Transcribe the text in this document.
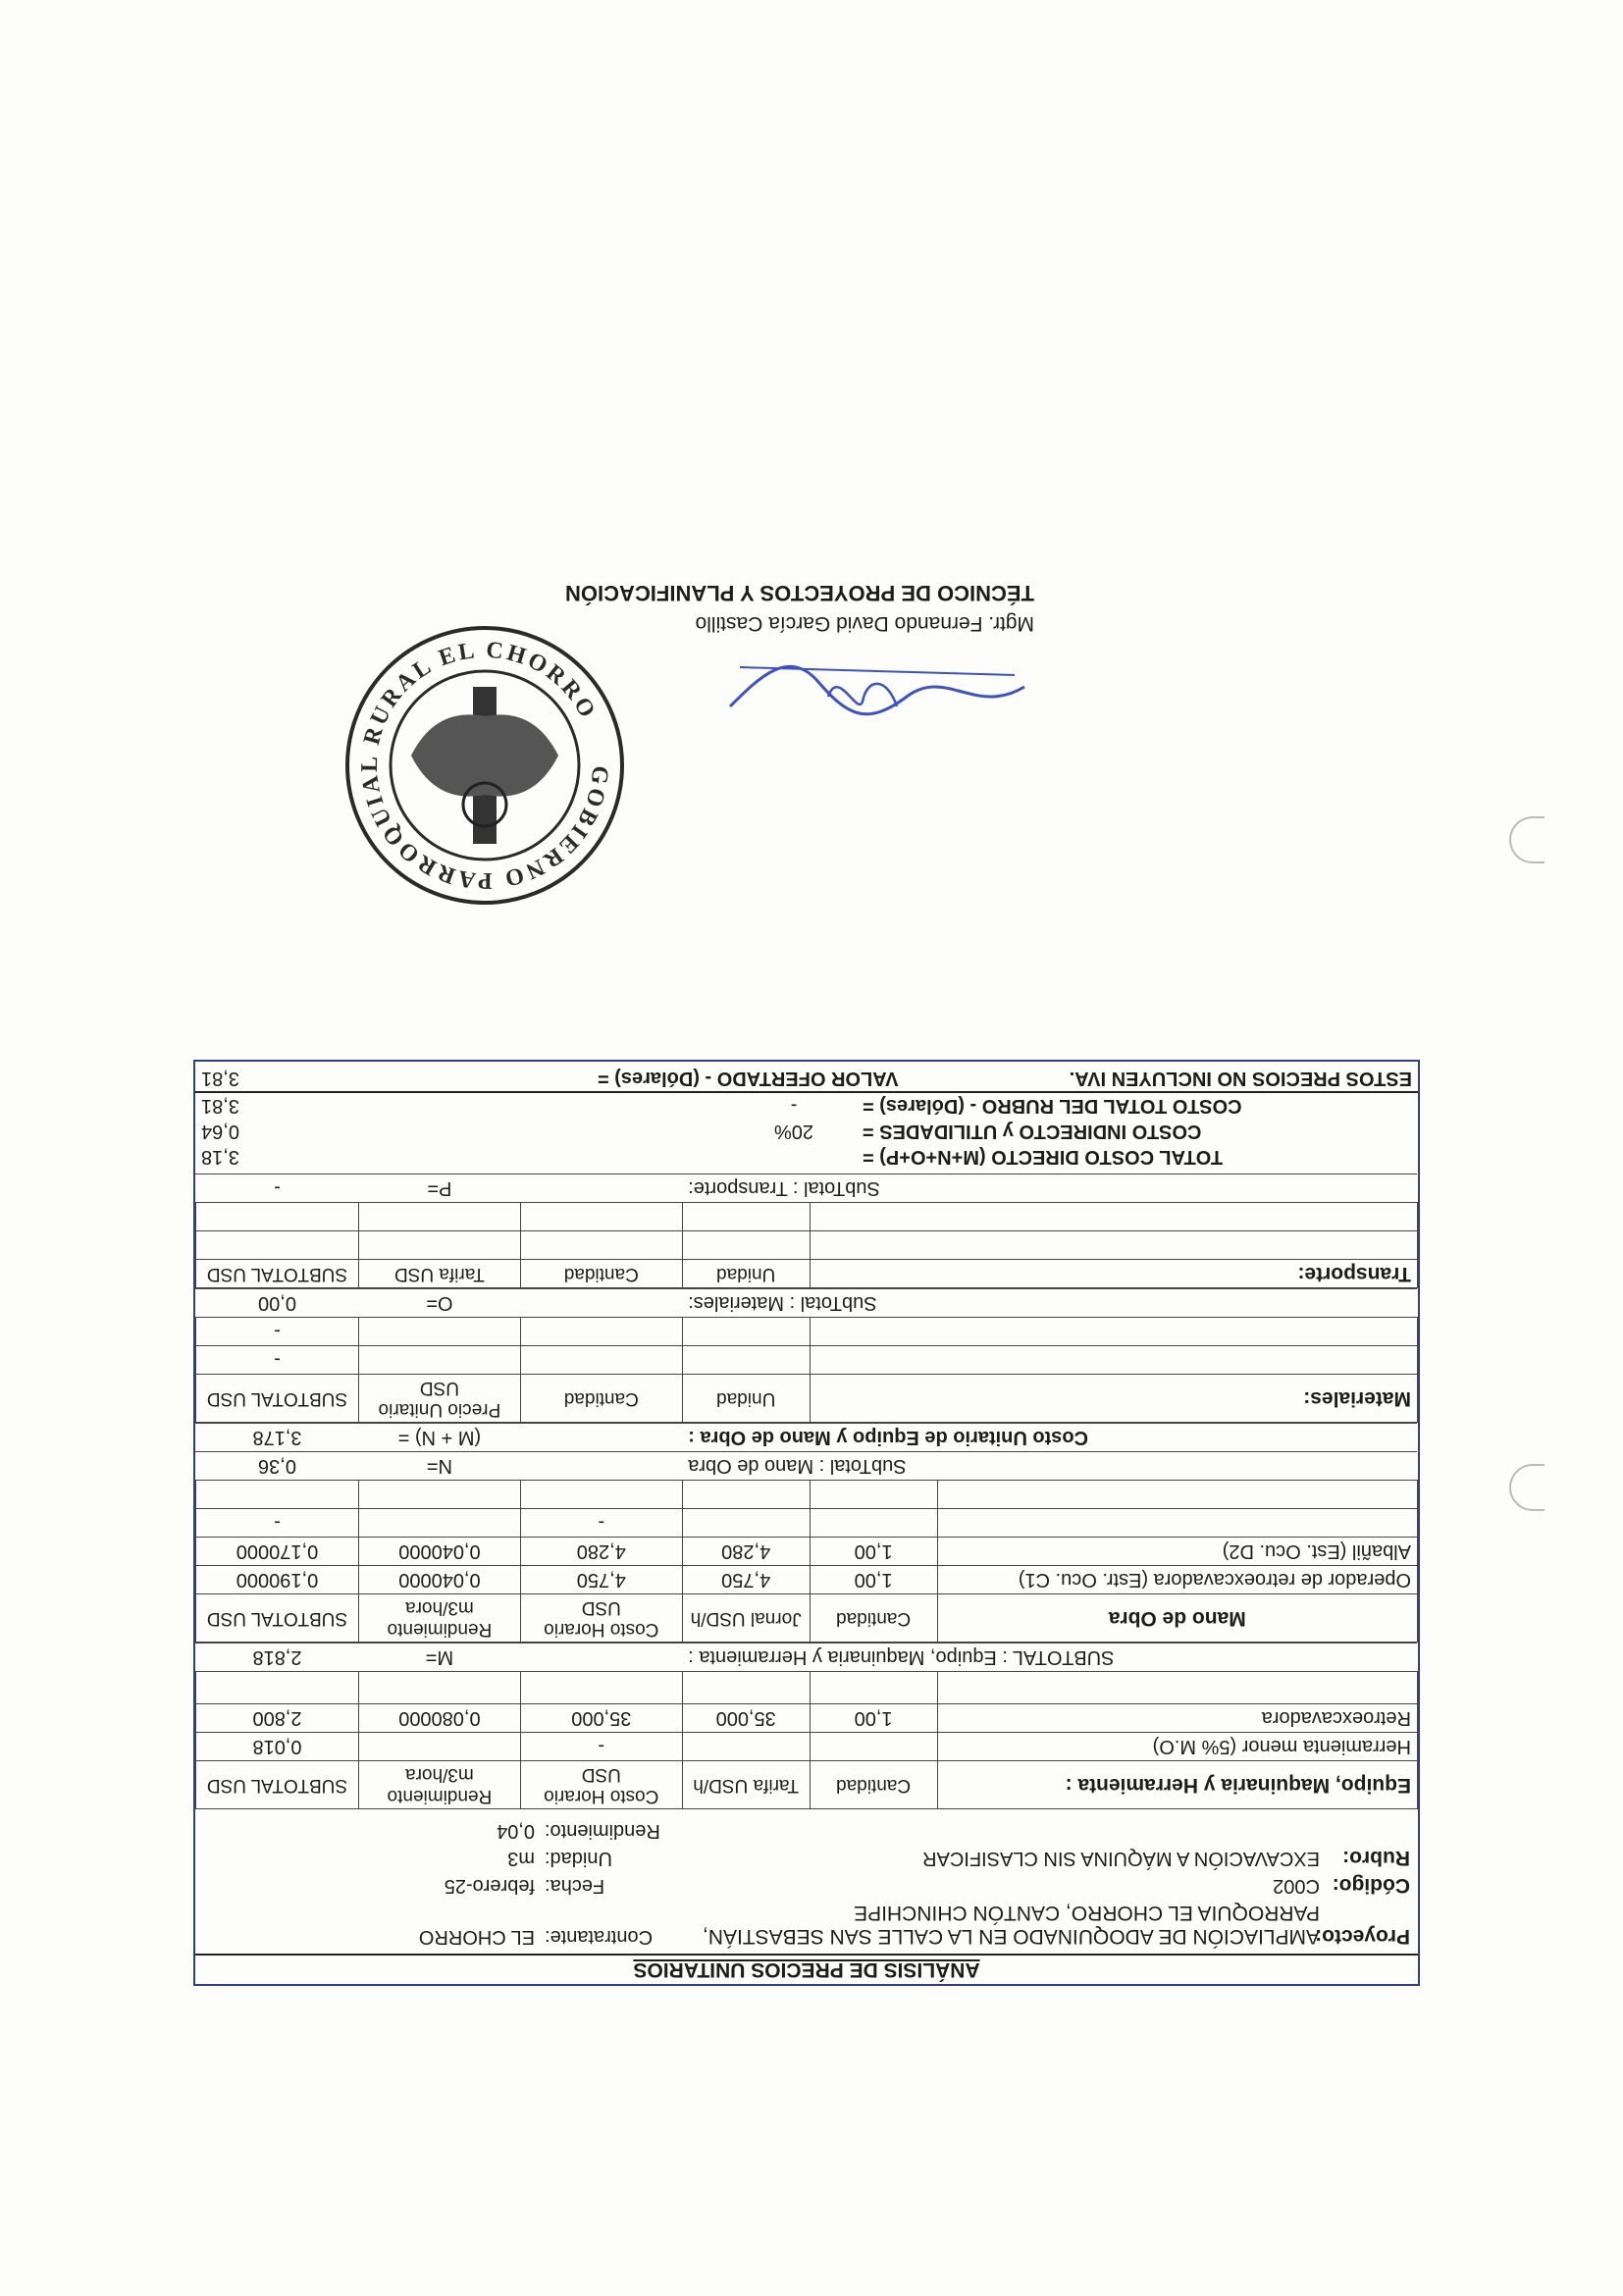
ANÁLISIS DE PRECIOS UNITARIOS
Proyecto:
AMPLIACIÓN DE ADOQUINADO EN LA CALLE SAN SEBASTIÁN, PARROQUIA EL CHORRO, CANTÓN CHINCHIPE
Contratante:
EL CHORRO
Código:
C002
Fecha:
febrero-25
Rubro:
EXCAVACIÓN A MÁQUINA SIN CLASIFICAR
Unidad:
m3
Rendimiento:
0,04
Equipo, Maquinaria y Herramienta :	Cantidad	Tarifa USD/h	Costo Horario USD	Rendimiento m3/hora	SUBTOTAL USD
Herramienta menor (5% M.O)			-		0,018
Retroexcavadora	1,00	35,000	35,000	0,080000	2,800

SUBTOTAL : Equipo, Maquinaria y Herramienta :				M=	2,818
Mano de Obra	Cantidad	Jornal USD/h	Costo Horario USD	Rendimiento m3/hora	SUBTOTAL USD
Operador de retroexcavadora (Estr. Ocu. C1)	1,00	4,750	4,750	0,040000	0,190000
Albañil (Est. Ocu. D2)	1,00	4,280	4,280	0,040000	0,170000
			-		-

SubTotal : Mano de Obra				N=	0,36
Costo Unitario de Equipo y Mano de Obra :				(M + N) =	3,178
Materiales:	Unidad	Cantidad	Precio Unitario USD	SUBTOTAL USD
				-
				-
SubTotal : Materiales:			O=	0,00
Transporte:	Unidad	Cantidad	Tarifa USD	SUBTOTAL USD

SubTotal : Transporte:			P=	-
TOTAL COSTO DIRECTO (M+N+O+P) =
3,18
COSTO INDIRECTO y UTILIDADES =
20%
0,64
COSTO TOTAL DEL RUBRO - (Dólares) =
-
3,81
ESTOS PRECIOS NO INCLUYEN IVA.
VALOR OFERTADO - (Dólares) =
3,81
GOBIERNO PARROQUIAL RURAL EL CHORRO
Mgtr. Fernando David García Castillo
TÉCNICO DE PROYECTOS Y PLANIFICACIÓN
